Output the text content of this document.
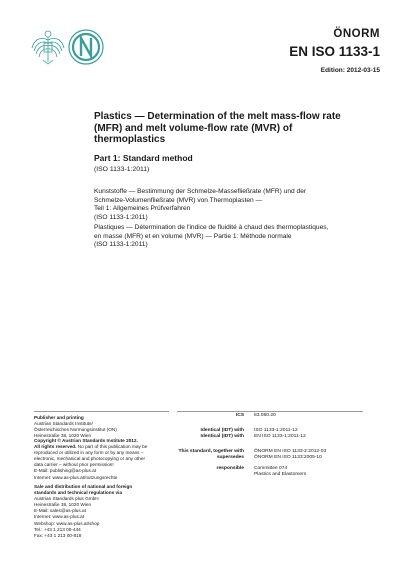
ÖNORM
EN ISO 1133-1
Edition: 2012-03-15
Plastics — Determination of the melt mass-flow rate
(MFR) and melt volume-flow rate (MVR) of
thermoplastics
Part 1: Standard method
(ISO 1133-1:2011)
Kunststoffe — Bestimmung der Schmelze-Massefließrate (MFR) und der
Schmelze-Volumenfließrate (MVR) von Thermoplasten —
Teil 1: Allgemeines Prüfverfahren
(ISO 1133-1:2011)
Plastiques — Détermination de l'indice de fluidité à chaud des thermoplastiques,
en masse (MFR) et en volume (MVR) — Partie 1: Méthode normale
(ISO 1133-1:2011)
Publisher and printing
Austrian Standards Institute/
Österreichisches Normungsinstitut (ON)
Heinestraße 38, 1020 Wien
Copyright © Austrian Standards Institute 2012.
All rights reserved. No part of this publication may be
reproduced or utilized in any form or by any means –
electronic, mechanical and photocopying or any other
data carrier – without prior permission!
E-Mail: publishing@as-plus.at
Internet: www.as-plus.at/nutzungsrechte
Sale and distribution of national and foreign
standards and technical regulations via
Austrian Standards plus GmbH
Heinestraße 38, 1020 Wien
E-Mail: sales@as-plus.at
Internet: www.as-plus.at
Webshop: www.as-plus.at/shop
Tel.: +43 1 213 00-444
Fax: +43 1 213 00-818
ICS 83.080.20
Identical (IDT) with ISO 1133-1:2011-12
Identical (IDT) with EN ISO 1133-1:2011-12
This standard, together with ÖNORM EN ISO 1133-2:2012-03
supersedes ÖNORM EN ISO 1133:2005-10
responsible Committee 074
Plastics and Elastomers
